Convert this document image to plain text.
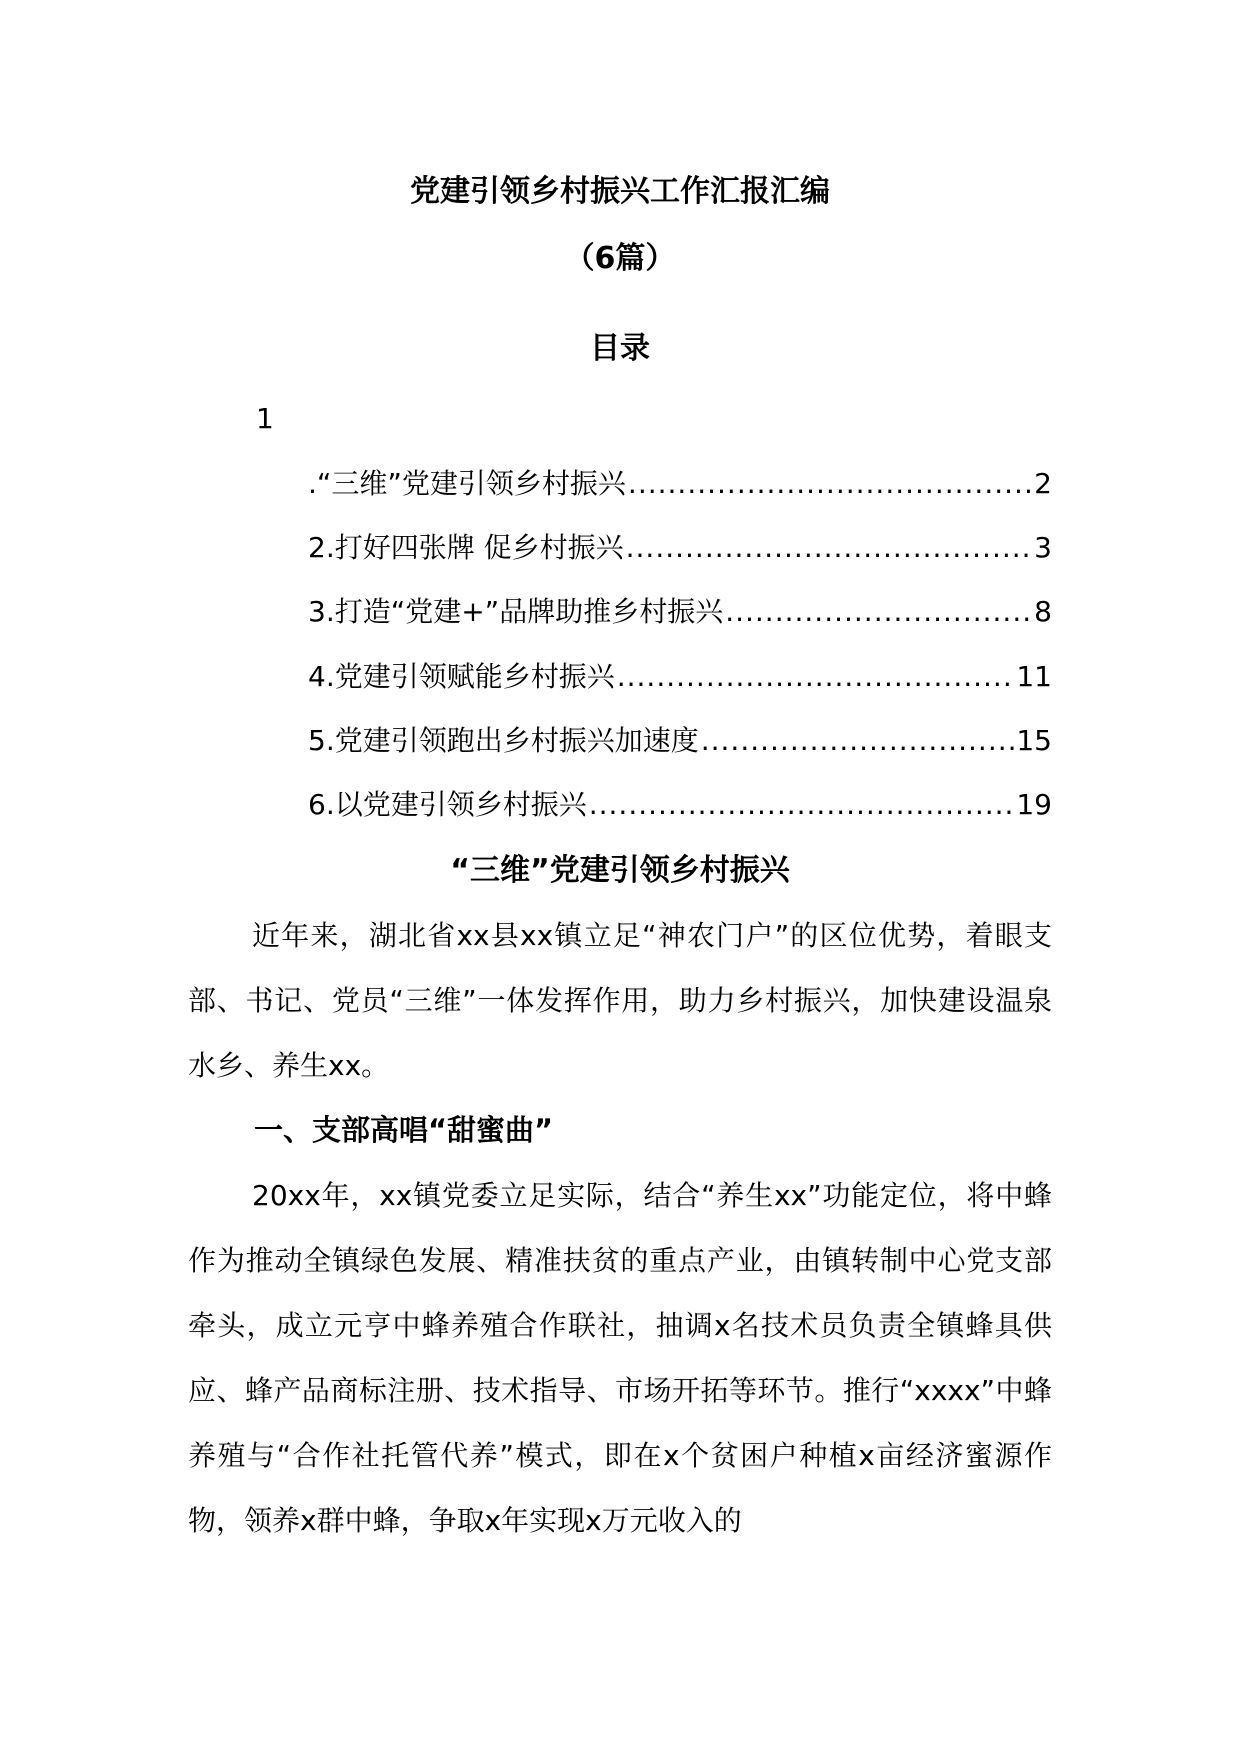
党建引领乡村振兴工作汇报汇编
（6篇）
目录
1
.“三维”党建引领乡村振兴 .....	2
2.打好四张牌 促乡村振兴 .....	3
3.打造“党建+”品牌助推乡村振兴 .....	8
4.党建引领赋能乡村振兴 .....	11
5.党建引领跑出乡村振兴加速度 .....	15
6.以党建引领乡村振兴 .....	19
“三维”党建引领乡村振兴

近年来，湖北省xx县xx镇立足“神农门户”的区位优势，着眼支部、书记、党员“三维”一体发挥作用，助力乡村振兴，加快建设温泉水乡、养生xx。

一、支部高唱“甜蜜曲”

20xx年，xx镇党委立足实际，结合“养生xx”功能定位，将中蜂作为推动全镇绿色发展、精准扶贫的重点产业，由镇转制中心党支部牵头，成立元亨中蜂养殖合作联社，抽调x名技术员负责全镇蜂具供应、蜂产品商标注册、技术指导、市场开拓等环节。推行“xxxx”中蜂养殖与“合作社托管代养”模式，即在x个贫困户种植x亩经济蜜源作物，领养x群中蜂，争取x年实现x万元收入的
